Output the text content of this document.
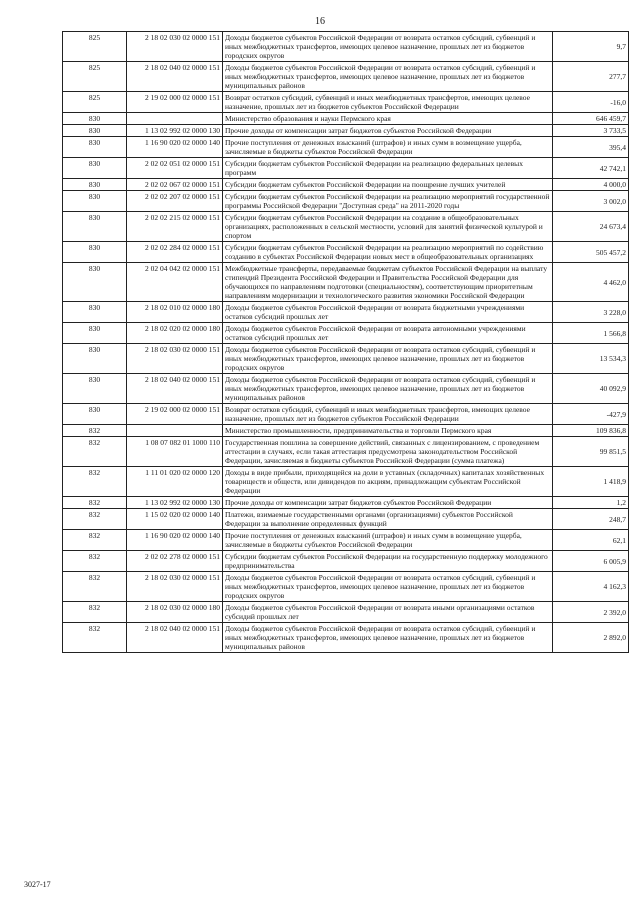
16
825	2 18 02 030 02 0000 151	Доходы бюджетов субъектов Российской Федерации от возврата остатков субсидий, субвенций и иных межбюджетных трансфертов, имеющих целевое назначение, прошлых лет из бюджетов городских округов	9,7
825	2 18 02 040 02 0000 151	Доходы бюджетов субъектов Российской Федерации от возврата остатков субсидий, субвенций и иных межбюджетных трансфертов, имеющих целевое назначение, прошлых лет из бюджетов муниципальных районов	277,7
825	2 19 02 000 02 0000 151	Возврат остатков субсидий, субвенций и иных межбюджетных трансфертов, имеющих целевое назначение, прошлых лет из бюджетов субъектов Российской Федерации	-16,0
830		Министерство образования и науки Пермского края	646 459,7
830	1 13 02 992 02 0000 130	Прочие доходы от компенсации затрат бюджетов субъектов Российской Федерации	3 733,5
830	1 16 90 020 02 0000 140	Прочие поступления от денежных взысканий (штрафов) и иных сумм в возмещение ущерба, зачисляемые в бюджеты субъектов Российской Федерации	395,4
830	2 02 02 051 02 0000 151	Субсидии бюджетам субъектов Российской Федерации на реализацию федеральных целевых программ	42 742,1
830	2 02 02 067 02 0000 151	Субсидии бюджетам субъектов Российской Федерации на поощрение лучших учителей	4 000,0
830	2 02 02 207 02 0000 151	Субсидии бюджетам субъектов Российской Федерации на реализацию мероприятий государственной программы Российской Федерации "Доступная среда" на 2011-2020 годы	3 002,0
830	2 02 02 215 02 0000 151	Субсидии бюджетам субъектов Российской Федерации на создание в общеобразовательных организациях, расположенных в сельской местности, условий для занятий физической культурой и спортом	24 673,4
830	2 02 02 284 02 0000 151	Субсидии бюджетам субъектов Российской Федерации на реализацию мероприятий по содействию созданию в субъектах Российской Федерации новых мест в общеобразовательных организациях	505 457,2
830	2 02 04 042 02 0000 151	Межбюджетные трансферты, передаваемые бюджетам субъектов Российской Федерации на выплату стипендий Президента Российской Федерации и Правительства Российской Федерации для обучающихся по направлениям подготовки (специальностям), соответствующим приоритетным направлениям модернизации и технологического развития экономики Российской Федерации	4 462,0
830	2 18 02 010 02 0000 180	Доходы бюджетов субъектов Российской Федерации от возврата бюджетными учреждениями остатков субсидий прошлых лет	3 228,0
830	2 18 02 020 02 0000 180	Доходы бюджетов субъектов Российской Федерации от возврата автономными учреждениями остатков субсидий прошлых лет	1 566,8
830	2 18 02 030 02 0000 151	Доходы бюджетов субъектов Российской Федерации от возврата остатков субсидий, субвенций и иных межбюджетных трансфертов, имеющих целевое назначение, прошлых лет из бюджетов городских округов	13 534,3
830	2 18 02 040 02 0000 151	Доходы бюджетов субъектов Российской Федерации от возврата остатков субсидий, субвенций и иных межбюджетных трансфертов, имеющих целевое назначение, прошлых лет из бюджетов муниципальных районов	40 092,9
830	2 19 02 000 02 0000 151	Возврат остатков субсидий, субвенций и иных межбюджетных трансфертов, имеющих целевое назначение, прошлых лет из бюджетов субъектов Российской Федерации	-427,9
832		Министерство промышленности, предпринимательства и торговли Пермского края	109 836,8
832	1 08 07 082 01 1000 110	Государственная пошлина за совершение действий, связанных с лицензированием, с проведением аттестации в случаях, если такая аттестация предусмотрена законодательством Российской Федерации, зачисляемая в бюджеты субъектов Российской Федерации (сумма платежа)	99 851,5
832	1 11 01 020 02 0000 120	Доходы в виде прибыли, приходящейся на доли в уставных (складочных) капиталах хозяйственных товариществ и обществ, или дивидендов по акциям, принадлежащим субъектам Российской Федерации	1 418,9
832	1 13 02 992 02 0000 130	Прочие доходы от компенсации затрат бюджетов субъектов Российской Федерации	1,2
832	1 15 02 020 02 0000 140	Платежи, взимаемые государственными органами (организациями) субъектов Российской Федерации за выполнение определенных функций	248,7
832	1 16 90 020 02 0000 140	Прочие поступления от денежных взысканий (штрафов) и иных сумм в возмещение ущерба, зачисляемые в бюджеты субъектов Российской Федерации	62,1
832	2 02 02 278 02 0000 151	Субсидии бюджетам субъектов Российской Федерации на государственную поддержку молодежного предпринимательства	6 005,9
832	2 18 02 030 02 0000 151	Доходы бюджетов субъектов Российской Федерации от возврата остатков субсидий, субвенций и иных межбюджетных трансфертов, имеющих целевое назначение, прошлых лет из бюджетов городских округов	4 162,3
832	2 18 02 030 02 0000 180	Доходы бюджетов субъектов Российской Федерации от возврата иными организациями остатков субсидий прошлых лет	2 392,0
832	2 18 02 040 02 0000 151	Доходы бюджетов субъектов Российской Федерации от возврата остатков субсидий, субвенций и иных межбюджетных трансфертов, имеющих целевое назначение, прошлых лет из бюджетов муниципальных районов	2 892,0
3027-17
